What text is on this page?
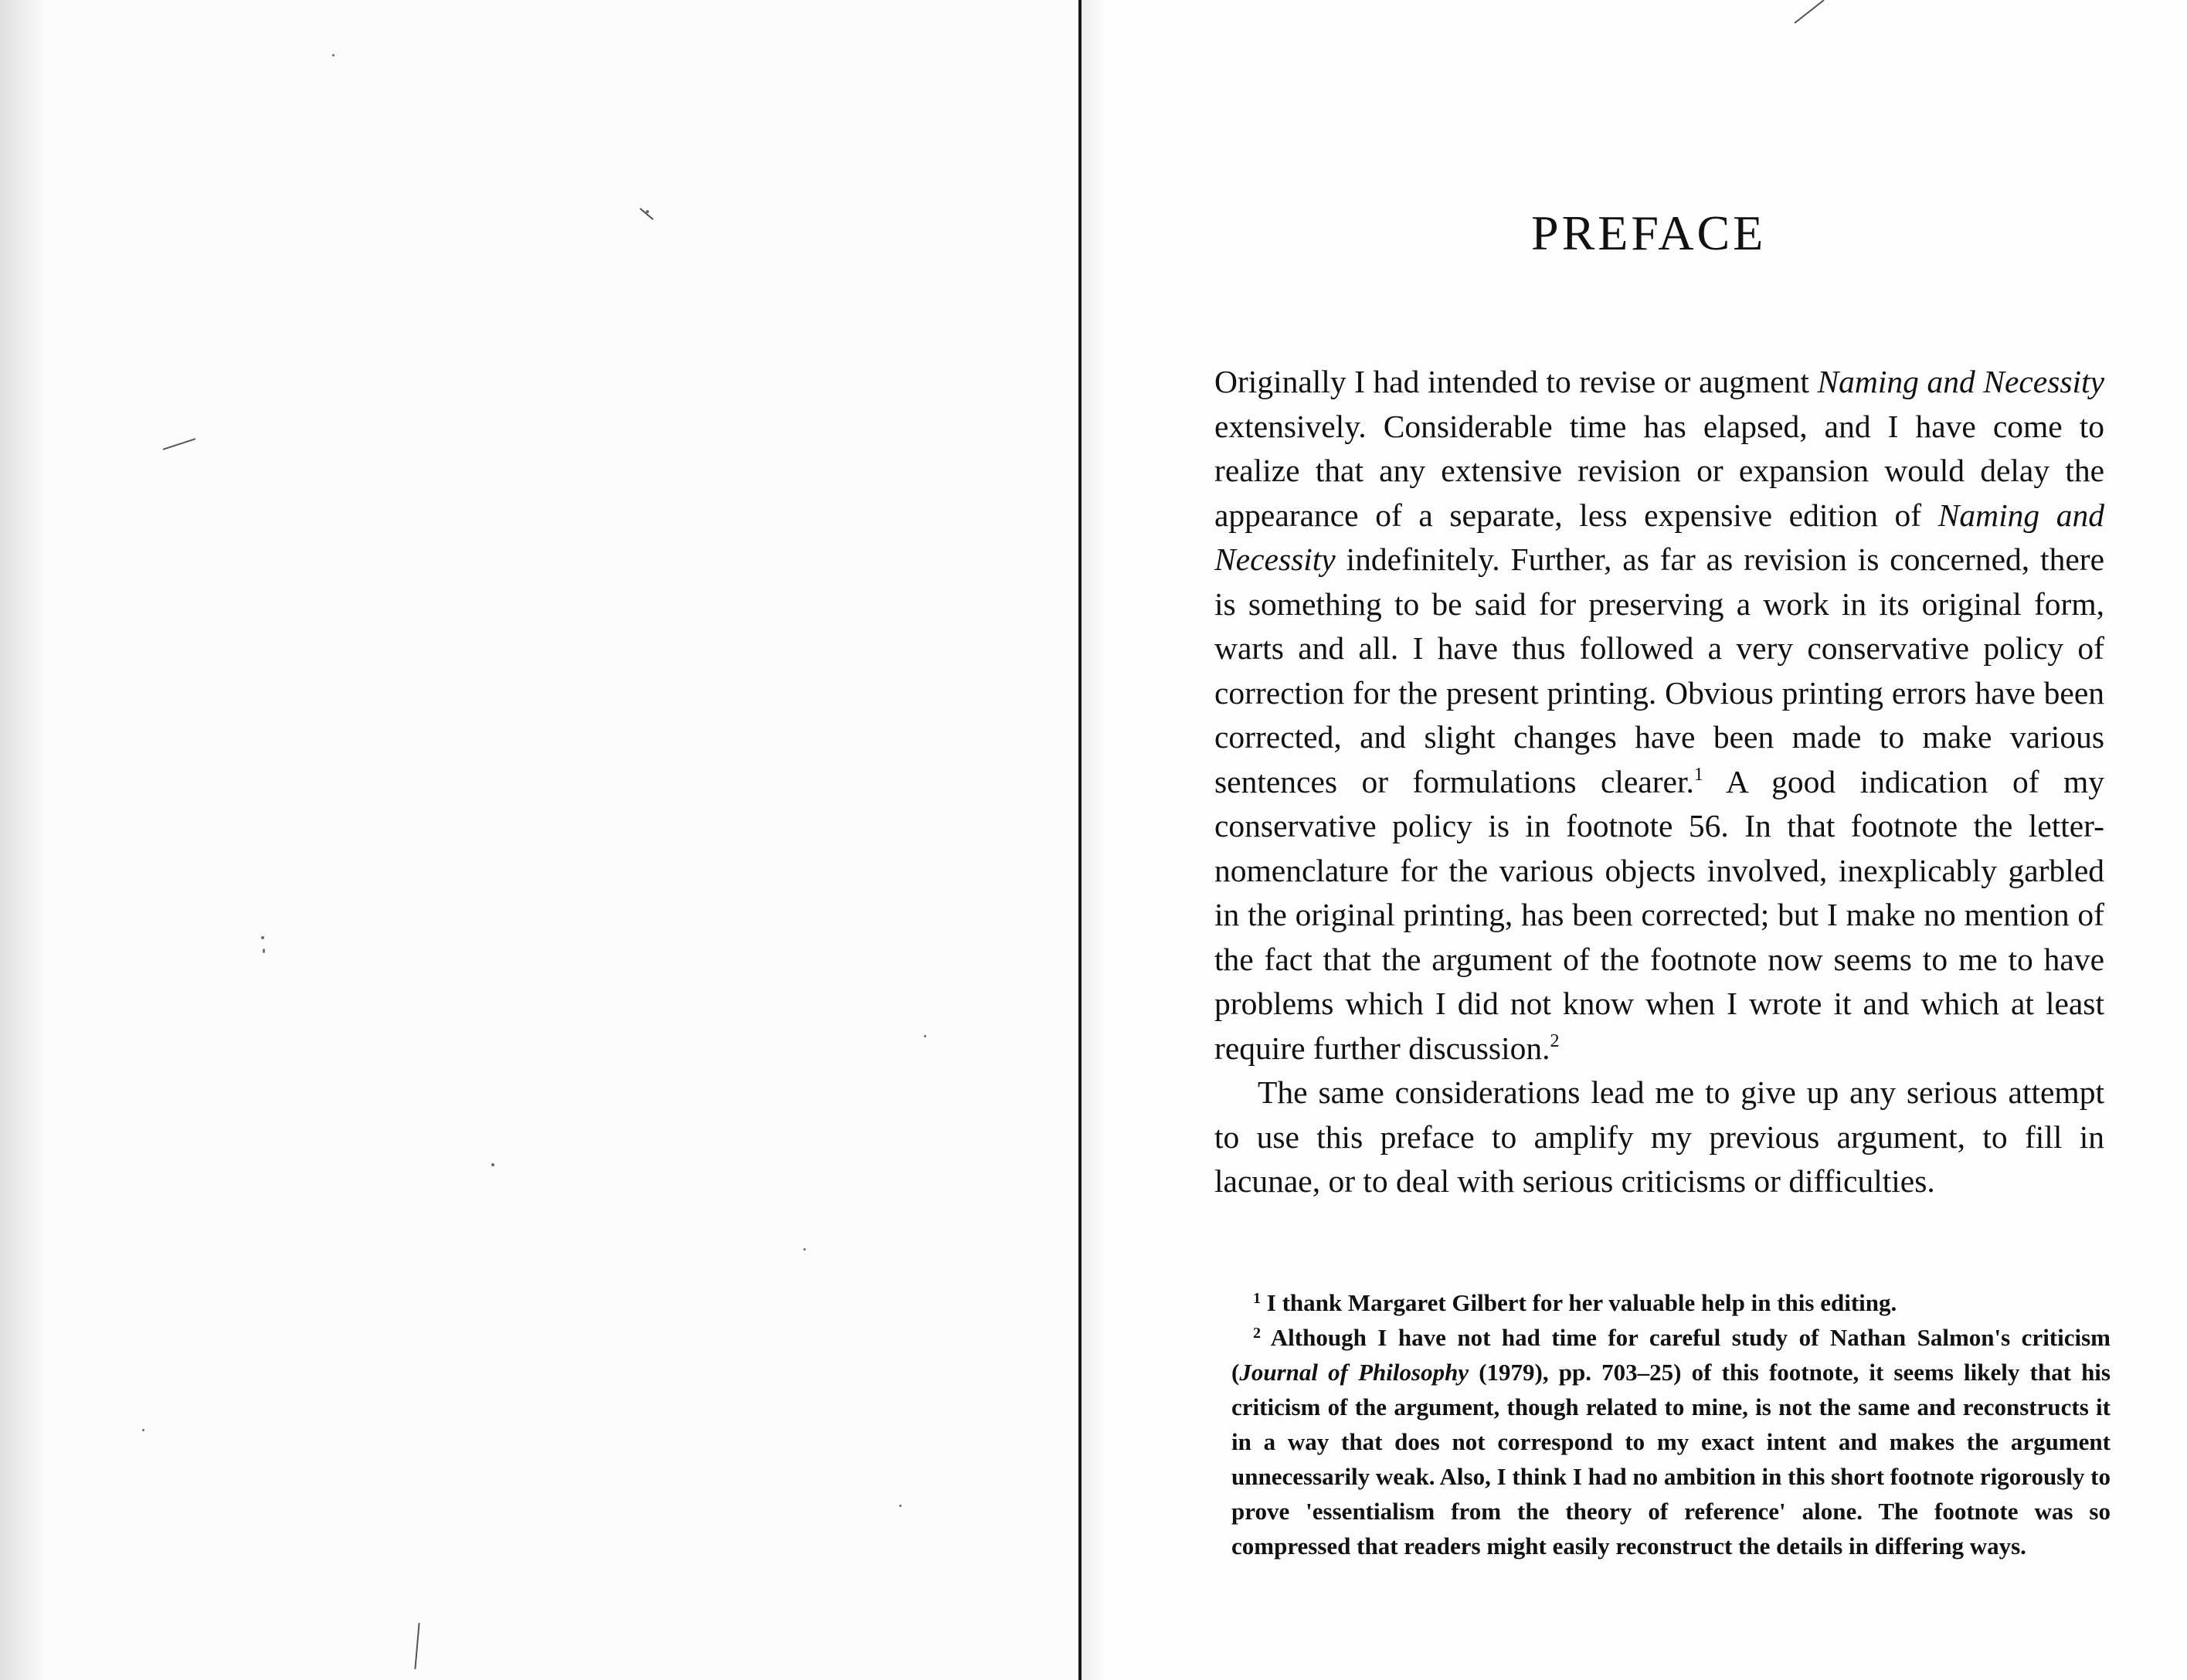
PREFACE

Originally I had intended to revise or augment Naming and Necessity extensively. Considerable time has elapsed, and I have come to realize that any extensive revision or expansion would delay the appearance of a separate, less expensive edition of Naming and Necessity indefinitely. Further, as far as revision is concerned, there is something to be said for preserving a work in its original form, warts and all. I have thus followed a very conservative policy of correction for the present printing. Obvious printing errors have been corrected, and slight changes have been made to make various sentences or formulations clearer.$^1$ A good indication of my conservative policy is in footnote 56. In that footnote the letter-nomenclature for the various objects involved, inexplicably garbled in the original printing, has been corrected; but I make no mention of the fact that the argument of the footnote now seems to me to have problems which I did not know when I wrote it and which at least require further discussion.$^2$

The same considerations lead me to give up any serious attempt to use this preface to amplify my previous argument, to fill in lacunae, or to deal with serious criticisms or difficulties.

$^1$ I thank Margaret Gilbert for her valuable help in this editing.

$^2$ Although I have not had time for careful study of Nathan Salmon's criticism (Journal of Philosophy (1979), pp. 703–25) of this footnote, it seems likely that his criticism of the argument, though related to mine, is not the same and reconstructs it in a way that does not correspond to my exact intent and makes the argument unnecessarily weak. Also, I think I had no ambition in this short footnote rigorously to prove 'essentialism from the theory of reference' alone. The footnote was so compressed that readers might easily reconstruct the details in differing ways.
